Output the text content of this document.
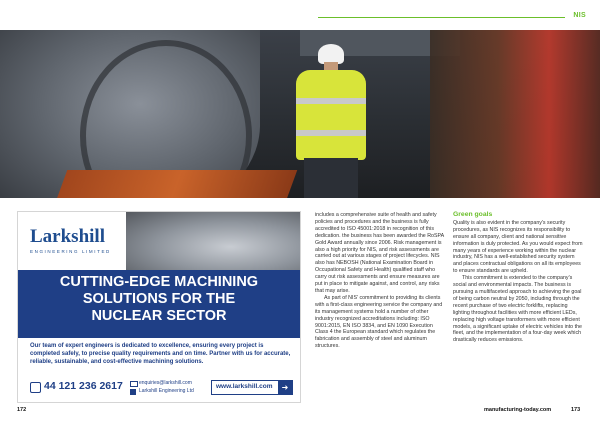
NIS
Larkshill
ENGINEERING LIMITED
CUTTING-EDGE MACHINING
SOLUTIONS FOR THE
NUCLEAR SECTOR
Our team of expert engineers is dedicated to excellence, ensuring every project is completed safely, to precise quality requirements and on time. Partner with us for accurate, reliable, sustainable, and cost-effective machining solutions.
44 121 236 2617	enquiries@larkshill.com
Larkshill Engineering Ltd
www.larkshill.com	➜

includes a comprehensive suite of health and safety policies and procedures and the business is fully accredited to ISO 45001:2018 in recognition of this dedication. the business has been awarded the RoSPA Gold Award annually since 2006. Risk management is also a high priority for NIS, and risk assessments are carried out at various stages of project lifecycles. NIS also has NEBOSH (National Examination Board in Occupational Safety and Health) qualified staff who carry out risk assessments and ensure measures are put in place to mitigate against, and control, any risks that may arise.

As part of NIS' commitment to providing its clients with a first-class engineering service the company and its management systems hold a number of other industry recognized accreditations including: ISO 9001:2015, EN ISO 3834, and EN 1090 Execution Class 4 the European standard which regulates the fabrication and assembly of steel and aluminum structures.

Green goals

Quality is also evident in the company's security procedures, as NIS recognizes its responsibility to ensure all company, client and national sensitive information is duly protected. As you would expect from many years of experience working within the nuclear industry, NIS has a well-established security system and places contractual obligations on all its employees to ensure standards are upheld.

This commitment is extended to the company's social and environmental impacts. The business is pursuing a multifaceted approach to achieving the goal of being carbon neutral by 2050, including through the recent purchase of two electric forklifts, replacing lighting throughout facilities with more efficient LEDs, replacing high voltage transformers with more efficient models, a significant uptake of electric vehicles into the fleet, and the implementation of a four-day week which drastically reduces emissions.

172	manufacturing-today.com	173
